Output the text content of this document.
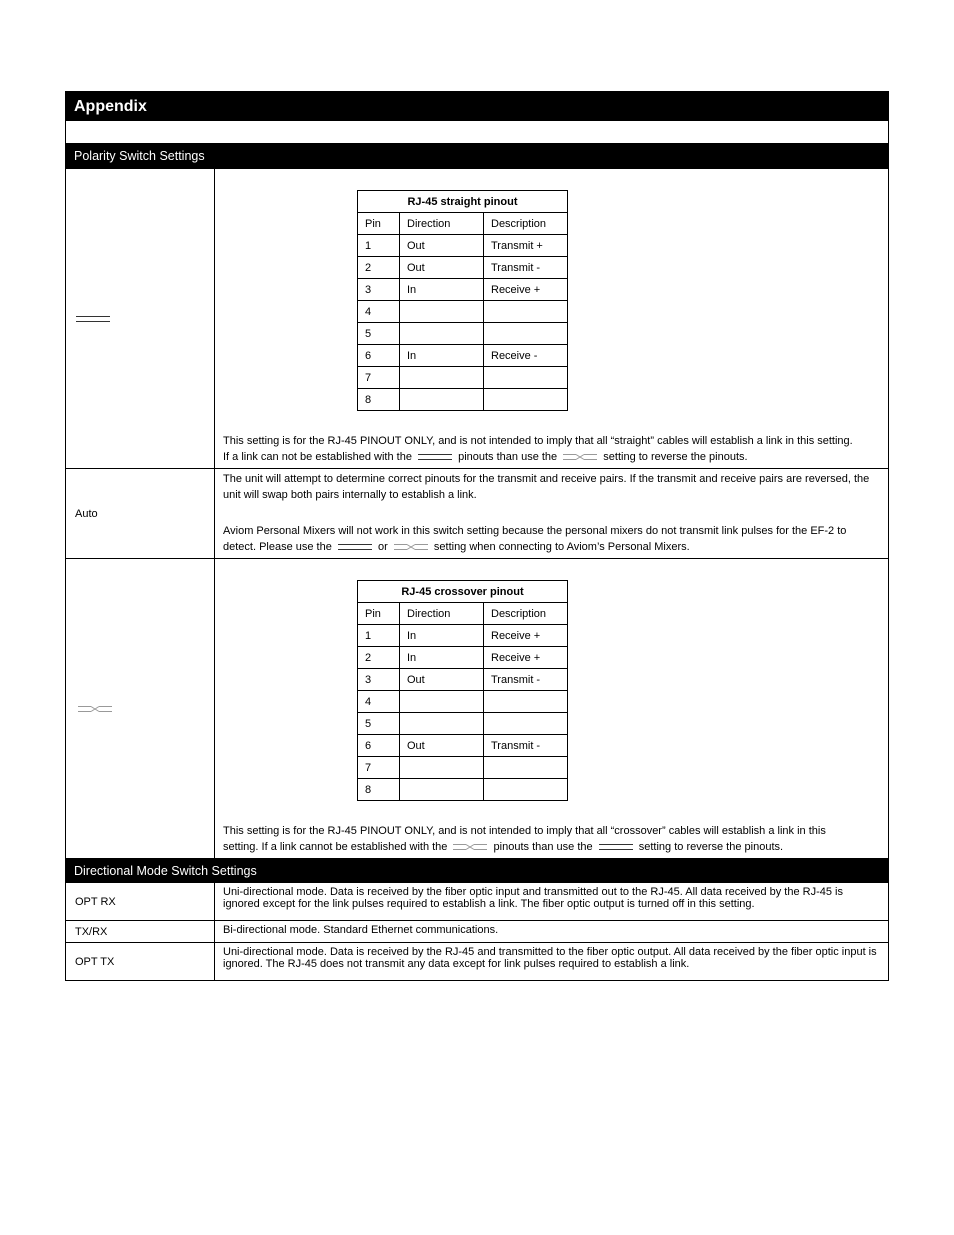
Appendix
Polarity Switch Settings
RJ-45 straight pinout		
Pin	Direction	Description
1	Out	Transmit +
2	Out	Transmit -
3	In	Receive +
4		
5		
6	In	Receive -
7		
8		

This setting is for the RJ-45 PINOUT ONLY, and is not intended to imply that all “straight” cables will establish a link in this setting.

If a link can not be established with the	pinouts than use the	setting to reverse the pinouts.

Auto

The unit will attempt to determine correct pinouts for the transmit and receive pairs. If the transmit and receive pairs are reversed, the unit will swap both pairs internally to establish a link.

Aviom Personal Mixers will not work in this switch setting because the personal mixers do not transmit link pulses for the EF-2 to

detect. Please use the	or	setting when connecting to Aviom’s Personal Mixers.

RJ-45 crossover pinout		
Pin	Direction	Description
1	In	Receive +
2	In	Receive +
3	Out	Transmit -
4		
5		
6	Out	Transmit -
7		
8		

This setting is for the RJ-45 PINOUT ONLY, and is not intended to imply that all “crossover” cables will establish a link in this

setting. If a link cannot be established with the	pinouts than use the	setting to reverse the pinouts.

Directional Mode Switch Settings
OPT RX
Uni-directional mode. Data is received by the fiber optic input and transmitted out to the RJ-45. All data received by the RJ-45 is ignored except for the link pulses required to establish a link. The fiber optic output is turned off in this setting.
TX/RX	Bi-directional mode. Standard Ethernet communications.
OPT TX
Uni-directional mode. Data is received by the RJ-45 and transmitted to the fiber optic output. All data received by the fiber optic input is ignored. The RJ-45 does not transmit any data except for link pulses required to establish a link.
